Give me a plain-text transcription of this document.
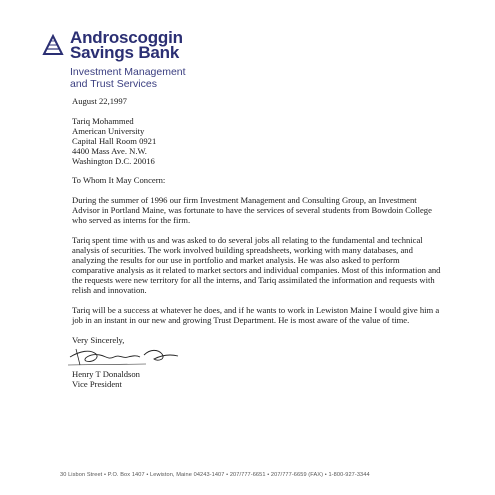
Androscoggin
Savings Bank
Investment Management
and Trust Services

August 22,1997

Tariq Mohammed
American University
Capital Hall Room 0921
4400 Mass Ave. N.W.
Washington D.C. 20016

To Whom It May Concern:

During the summer of 1996 our firm Investment Management and Consulting Group, an Investment Advisor in Portland Maine, was fortunate to have the services of several students from Bowdoin College who served as interns for the firm.

Tariq spent time with us and was asked to do several jobs all relating to the fundamental and technical analysis of securities. The work involved building spreadsheets, working with many databases, and analyzing the results for our use in portfolio and market analysis. He was also asked to perform comparative analysis as it related to market sectors and individual companies. Most of this information and the requests were new territory for all the interns, and Tariq assimilated the information and requests with relish and innovation.

Tariq will be a success at whatever he does, and if he wants to work in Lewiston Maine I would give him a job in an instant in our new and growing Trust Department. He is most aware of the value of time.

Very Sincerely,

Henry T Donaldson
Vice President

30 Lisbon Street • P.O. Box 1407 • Lewiston, Maine 04243-1407 • 207/777-6651 • 207/777-6659 (FAX) • 1-800-927-3344
